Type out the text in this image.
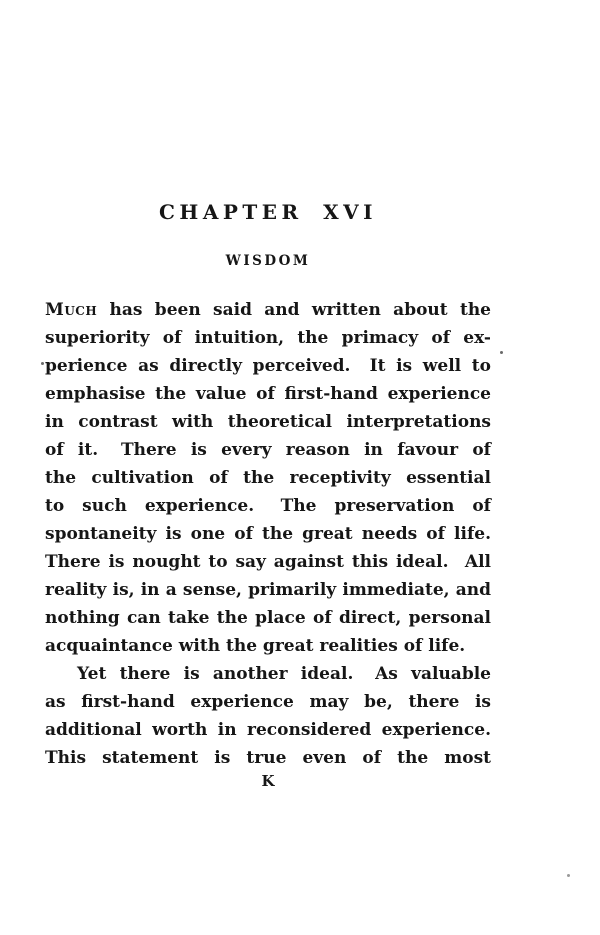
CHAPTER XVI
WISDOM
Much has been said and written about the
superiority of intuition, the primacy of ex-
perience as directly perceived.  It is well to
emphasise the value of first-hand experience
in contrast with theoretical interpretations
of it.  There is every reason in favour of
the cultivation of the receptivity essential
to such experience.  The preservation of
spontaneity is one of the great needs of life.
There is nought to say against this ideal.  All
reality is, in a sense, primarily immediate, and
nothing can take the place of direct, personal
acquaintance with the great realities of life.
Yet there is another ideal.  As valuable
as first-hand experience may be, there is
additional worth in reconsidered experience.
This statement is true even of the most
K
